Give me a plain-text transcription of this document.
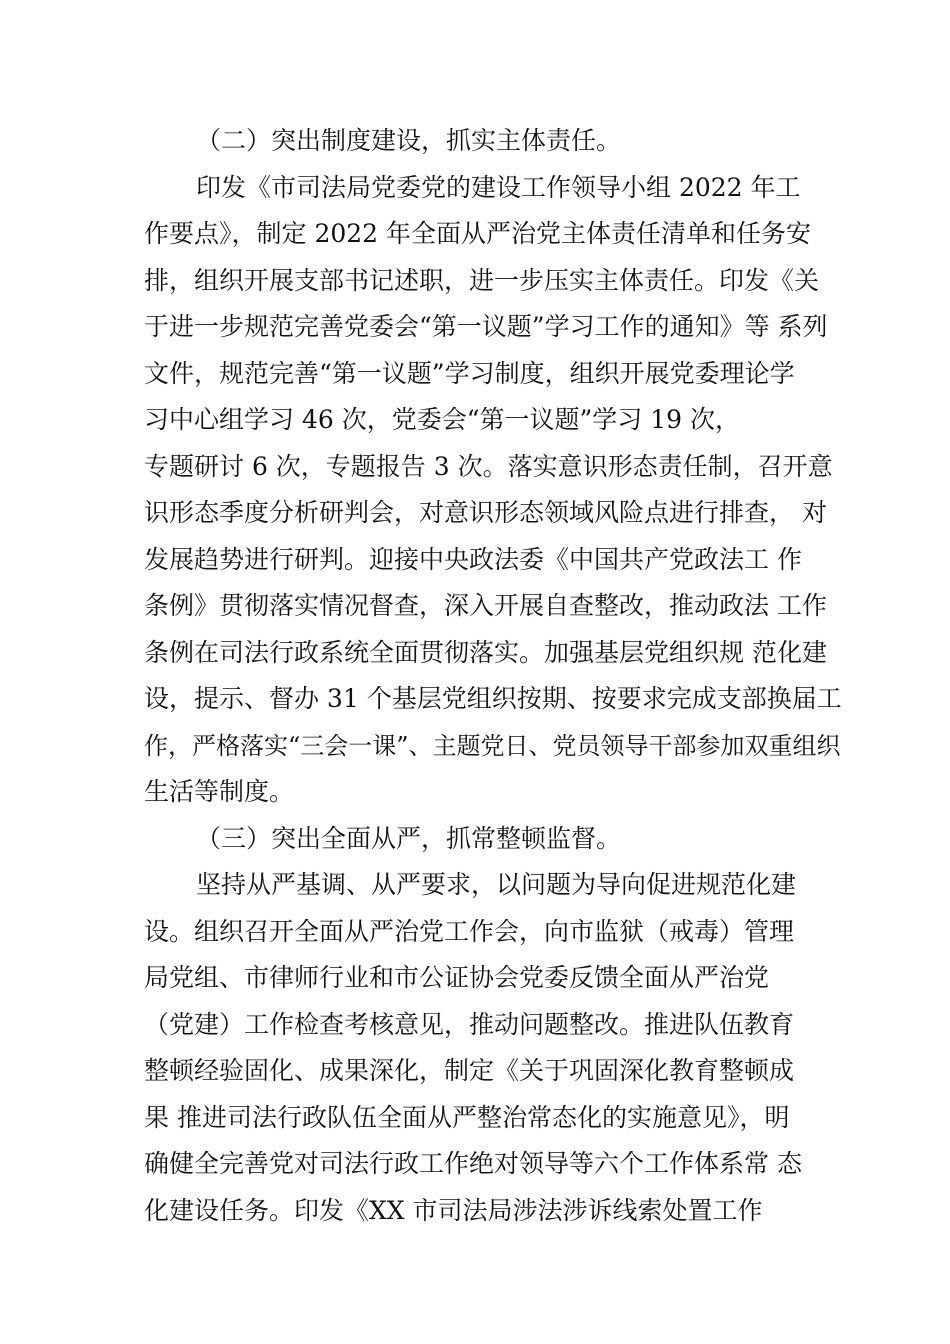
（二）突出制度建设，抓实主体责任。
印发《市司法局党委党的建设工作领导小组 2022 年工
作要点》，制定 2022 年全面从严治党主体责任清单和任务安
排，组织开展支部书记述职，进一步压实主体责任。印发《关
于进一步规范完善党委会“第一议题”学习工作的通知》等 系列
文件，规范完善“第一议题”学习制度，组织开展党委理论学
习中心组学习 46 次，党委会“第一议题”学习 19 次，
专题研讨 6 次，专题报告 3 次。落实意识形态责任制，召开意
识形态季度分析研判会，对意识形态领域风险点进行排查， 对
发展趋势进行研判。迎接中央政法委《中国共产党政法工 作
条例》贯彻落实情况督查，深入开展自查整改，推动政法 工作
条例在司法行政系统全面贯彻落实。加强基层党组织规 范化建
设，提示、督办 31 个基层党组织按期、按要求完成支部换届工
作，严格落实“三会一课”、主题党日、党员领导干部参加双重组织
生活等制度。
（三）突出全面从严，抓常整顿监督。
坚持从严基调、从严要求，以问题为导向促进规范化建
设。组织召开全面从严治党工作会，向市监狱（戒毒）管理
局党组、市律师行业和市公证协会党委反馈全面从严治党
（党建）工作检查考核意见，推动问题整改。推进队伍教育
整顿经验固化、成果深化，制定《关于巩固深化教育整顿成
果 推进司法行政队伍全面从严整治常态化的实施意见》，明
确健全完善党对司法行政工作绝对领导等六个工作体系常 态
化建设任务。印发《XX 市司法局涉法涉诉线索处置工作
